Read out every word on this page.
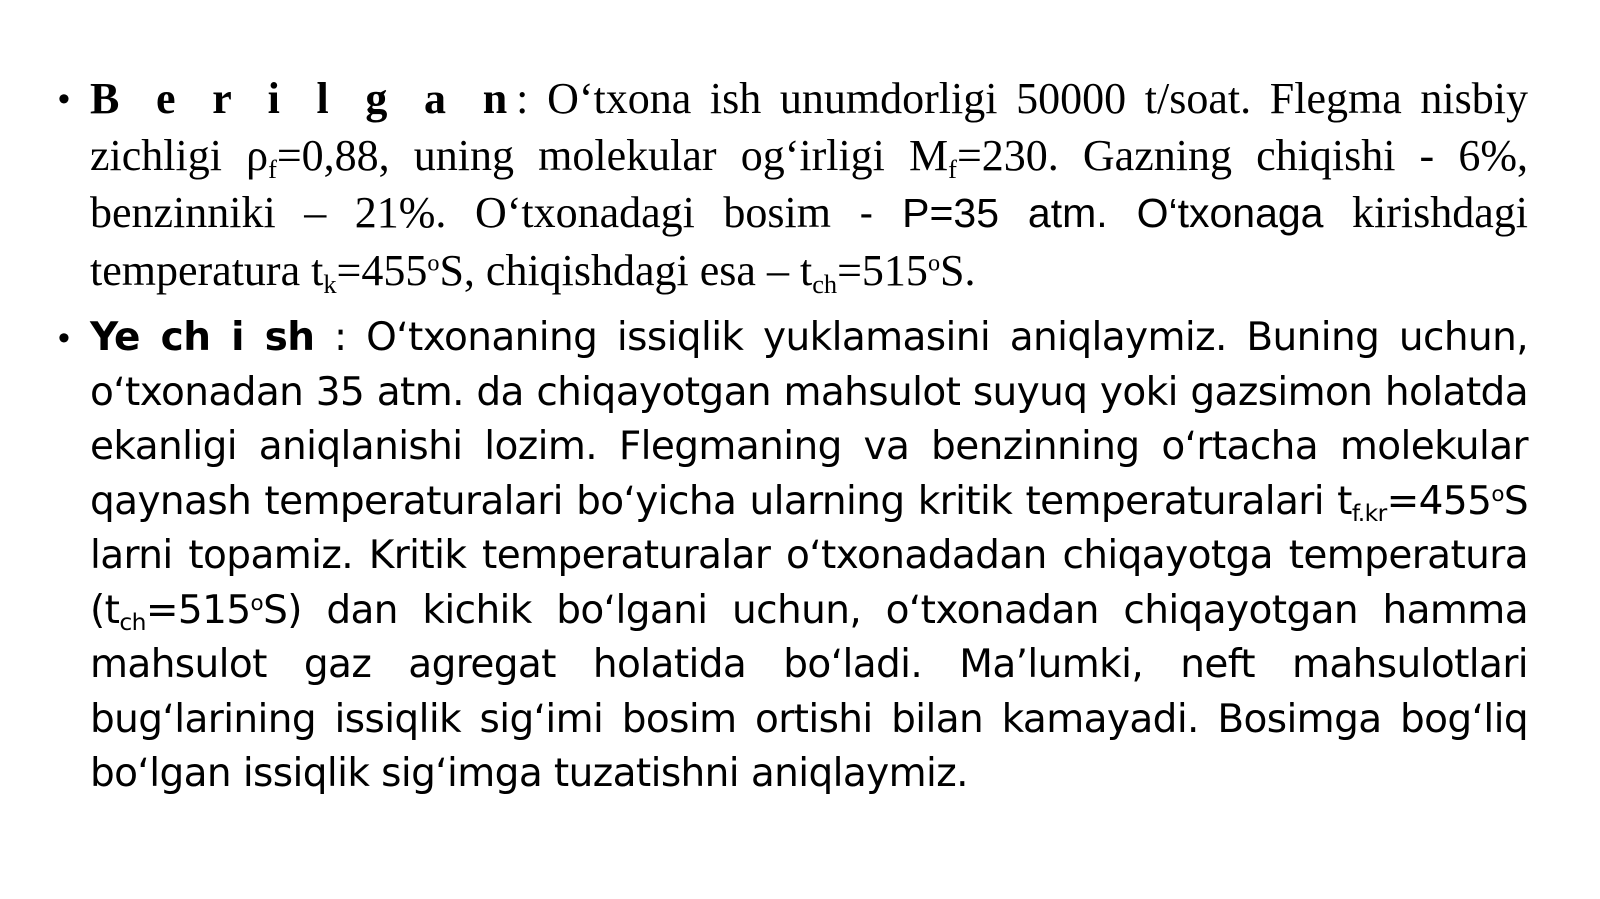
• B e r i l g a n: O‘txona ish unumdorligi 50000 t/soat. Flegma nisbiy zichligi $\rho_f=0,88$, uning molekular og‘irligi $M_f=230$. Gazning chiqishi - 6%, benzinniki – 21%. O‘txonadagi bosim - P=35 atm. O‘txonaga kirishdagi temperatura $t_k=455^oS$, chiqishdagi esa – $t_{ch}=515^oS$.
• Ye ch i sh : O‘txonaning issiqlik yuklamasini aniqlaymiz. Buning uchun, o‘txonadan 35 atm. da chiqayotgan mahsulot suyuq yoki gazsimon holatda ekanligi aniqlanishi lozim. Flegmaning va benzinning o‘rtacha molekular qaynash temperaturalari bo‘yicha ularning kritik temperaturalari $t_{f.kr}=455^oS$ larni topamiz. Kritik temperaturalar o‘txonadadan chiqayotga temperatura $(t_{ch}=515^oS)$ dan kichik bo‘lgani uchun, o‘txonadan chiqayotgan hamma mahsulot gaz agregat holatida bo‘ladi. Ma’lumki, neft mahsulotlari bug‘larining issiqlik sig‘imi bosim ortishi bilan kamayadi. Bosimga bog‘liq bo‘lgan issiqlik sig‘imga tuzatishni aniqlaymiz.
